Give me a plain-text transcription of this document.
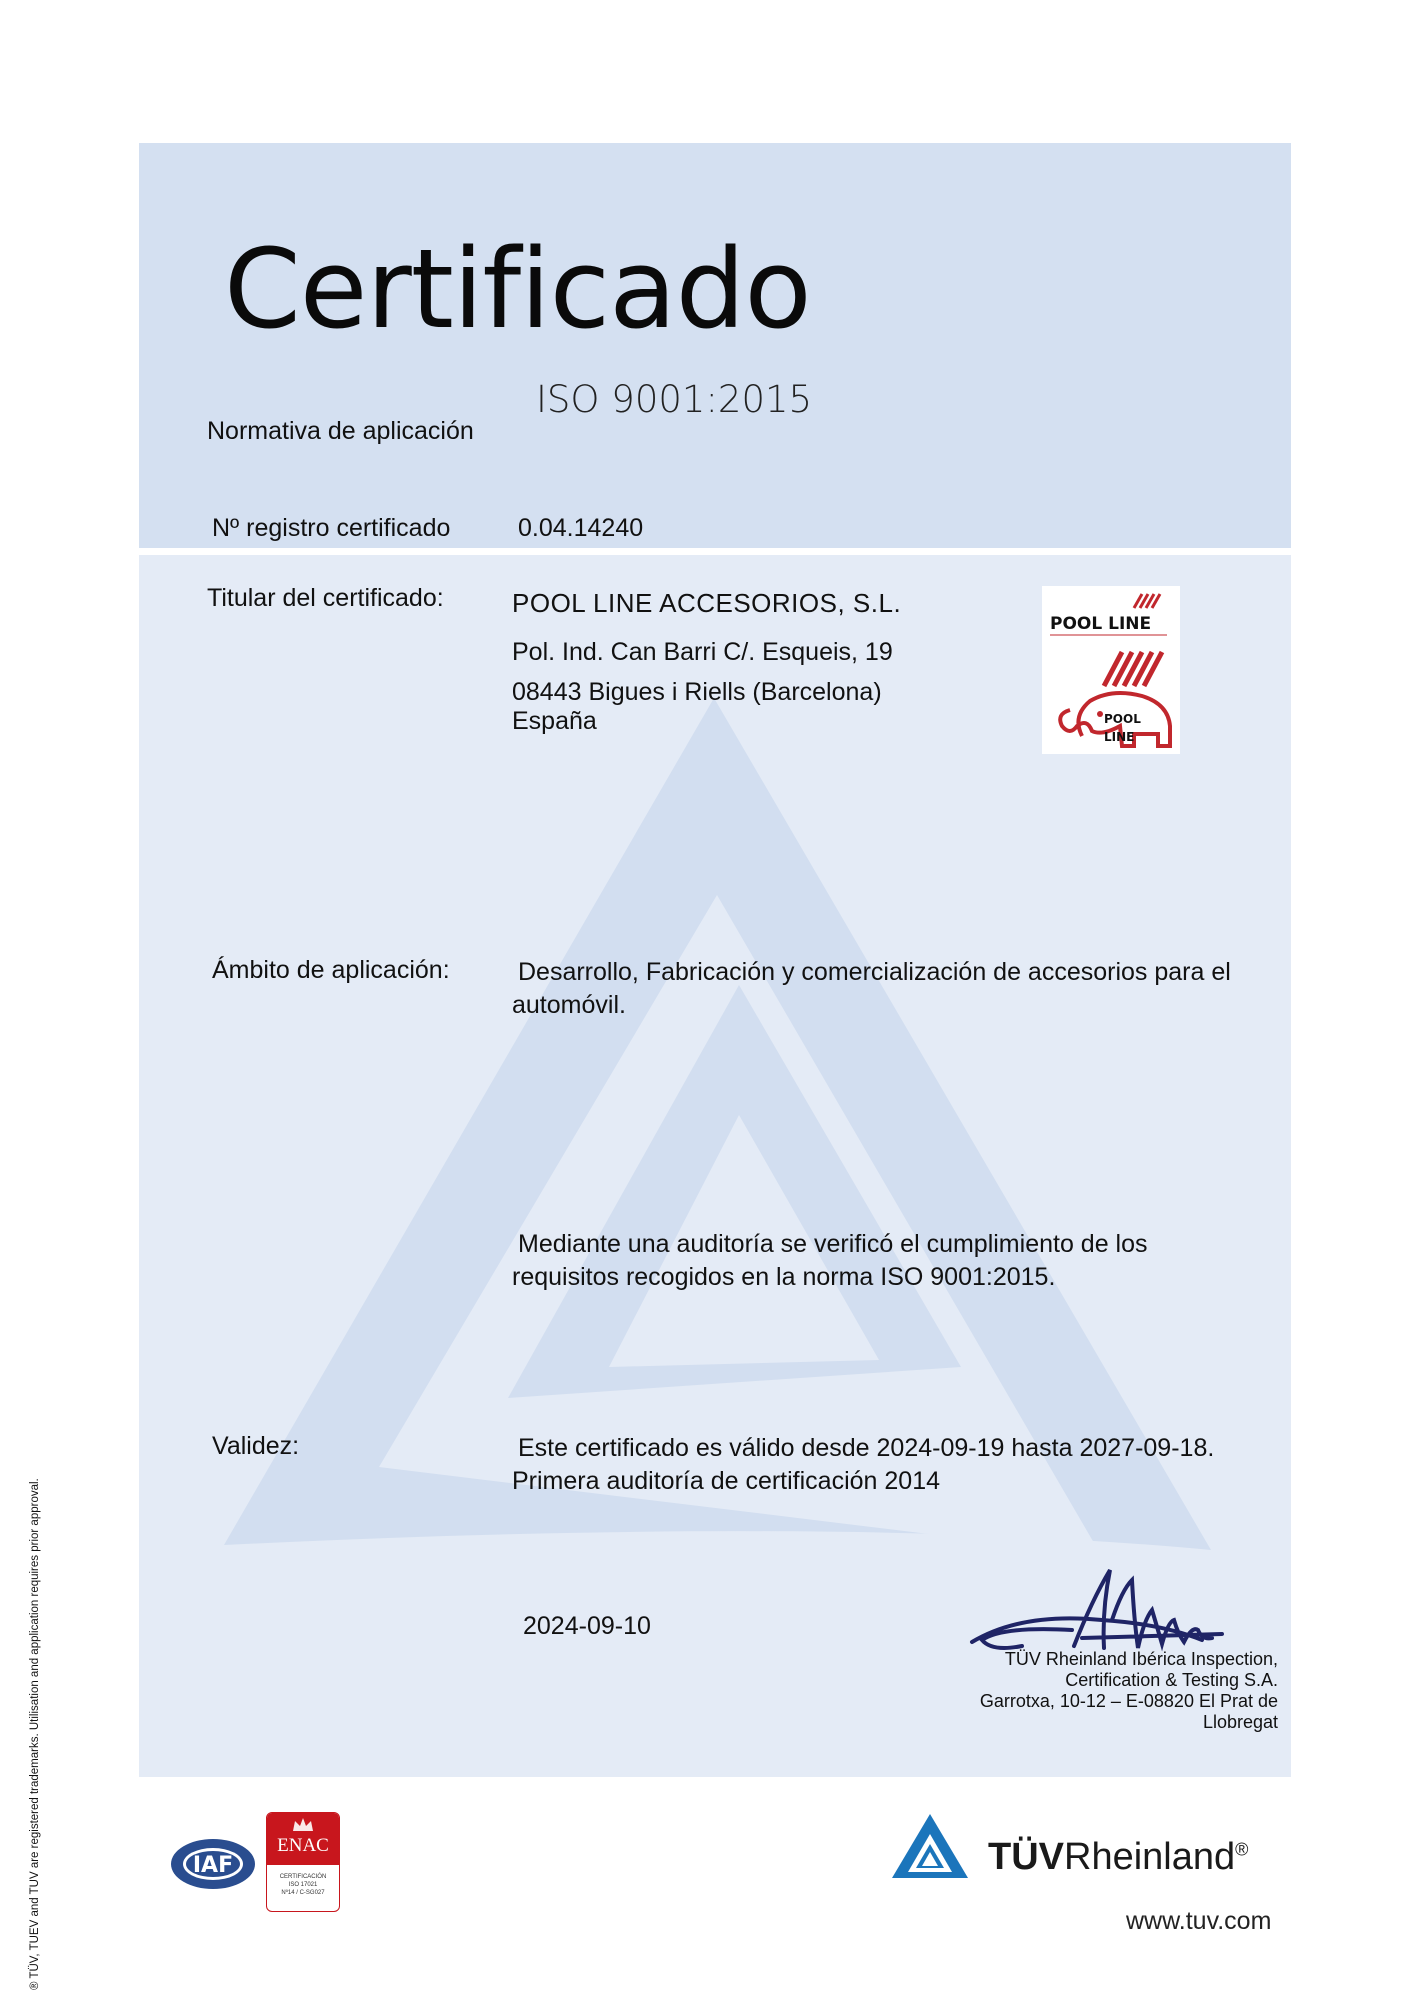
Certificado
Normativa de aplicación
ISO 9001:2015
Nº registro certificado	0.04.14240
Titular del certificado:	POOL LINE ACCESORIOS, S.L.
Pol. Ind. Can Barri C/. Esqueis, 19
08443 Bigues i Riells (Barcelona)
España
POOL LINE
POOL
LINE
Ámbito de aplicación:	Desarrollo, Fabricación y comercialización de accesorios para el
automóvil.
Mediante una auditoría se verificó el cumplimiento de los
requisitos recogidos en la norma ISO 9001:2015.
Validez:	Este certificado es válido desde 2024-09-19 hasta 2027-09-18.
Primera auditoría de certificación 2014
2024-09-10
TÜV Rheinland Ibérica Inspection,
Certification & Testing S.A.
Garrotxa, 10-12 – E-08820 El Prat de
Llobregat
® TÜV, TUEV and TUV are registered trademarks. Utilisation and application requires prior approval.	IAF
ENAC
CERTIFICACIÓN
ISO 17021
Nº14 / C-SG027
TÜVRheinland®
www.tuv.com
